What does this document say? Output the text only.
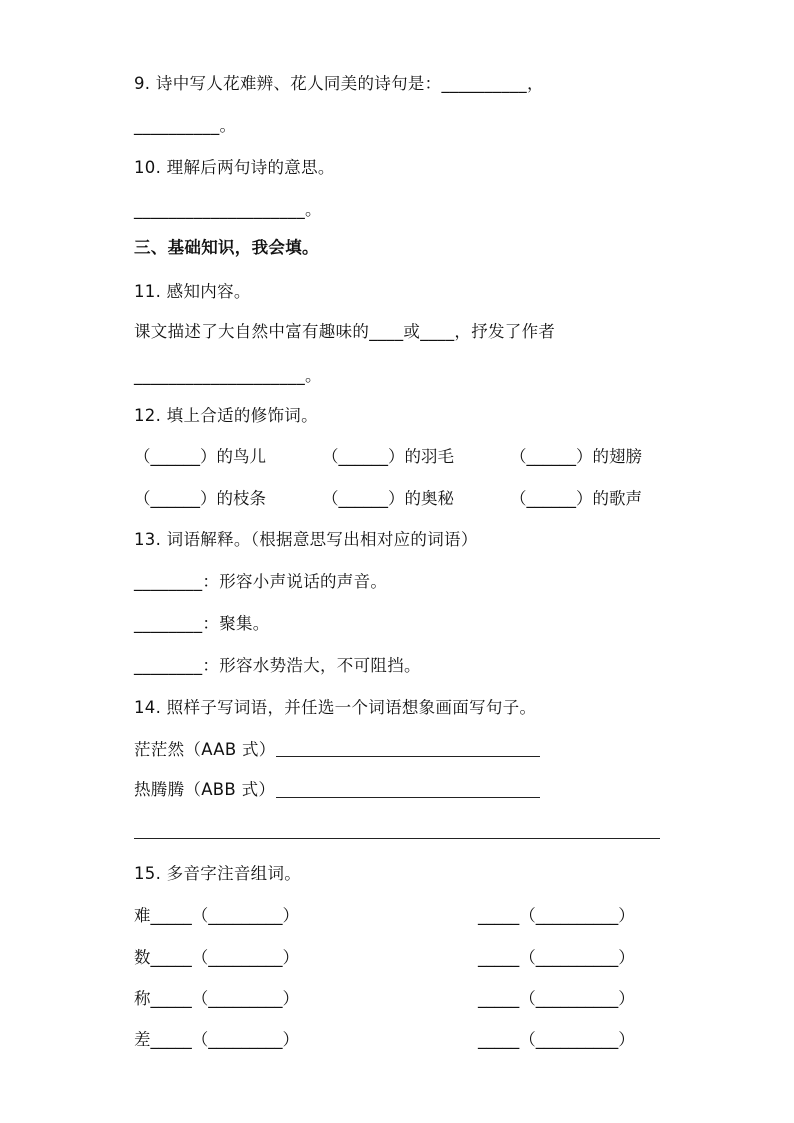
9. 诗中写人花难辨、花人同美的诗句是：__________，
__________。
10. 理解后两句诗的意思。
____________________。
三、基础知识，我会填。
11. 感知内容。
课文描述了大自然中富有趣味的____或____，抒发了作者
____________________。
12. 填上合适的修饰词。
（______）的鸟儿	（______）的羽毛	（______）的翅膀
（______）的枝条	（______）的奥秘	（______）的歌声
13. 词语解释。（根据意思写出相对应的词语）
________：形容小声说话的声音。
________：聚集。
________：形容水势浩大，不可阻挡。
14. 照样子写词语，并任选一个词语想象画面写句子。
茫茫然（AAB 式）
热腾腾（ABB 式）
15. 多音字注音组词。
难_____（_________）	_____（__________）
数_____（_________）	_____（__________）
称_____（_________）	_____（__________）
差_____（_________）	_____（__________）
